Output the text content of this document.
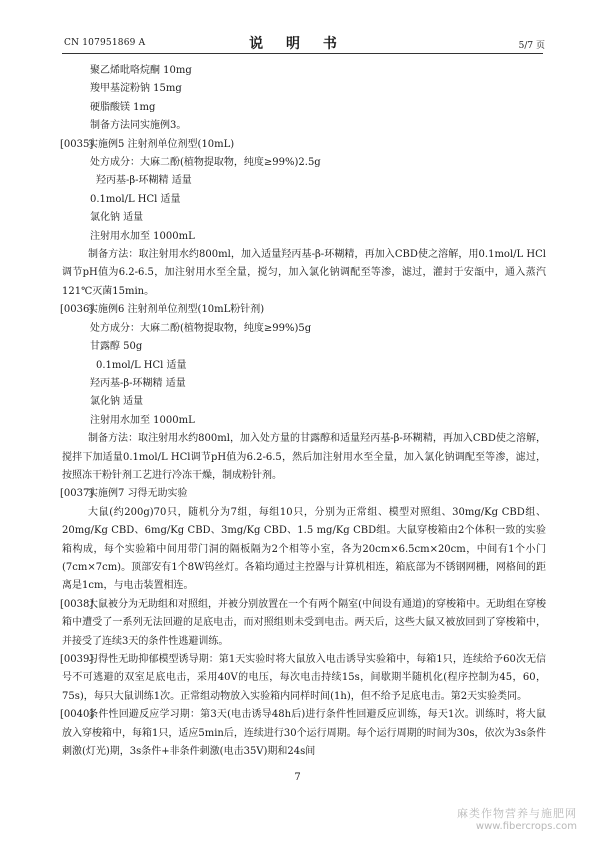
CN 107951869 A	说 明 书	5/7 页
聚乙烯吡咯烷酮 10mg
羧甲基淀粉钠 15mg
硬脂酸镁 1mg
制备方法同实施例3。
[0035]实施例5 注射剂单位剂型(10mL)
处方成分：大麻二酚(植物提取物，纯度≥99%)2.5g
羟丙基-β-环糊精 适量
0.1mol/L HCl 适量
氯化钠 适量
注射用水加至 1000mL
制备方法：取注射用水约800ml，加入适量羟丙基-β-环糊精，再加入CBD使之溶解，用0.1mol/L HCl调节pH值为6.2-6.5，加注射用水至全量，搅匀，加入氯化钠调配至等渗，滤过，灌封于安瓿中，通入蒸汽121℃灭菌15min。
[0036]实施例6 注射剂单位剂型(10mL粉针剂)
处方成分：大麻二酚(植物提取物，纯度≥99%)5g
甘露醇 50g
0.1mol/L HCl 适量
羟丙基-β-环糊精 适量
氯化钠 适量
注射用水加至 1000mL
制备方法：取注射用水约800ml，加入处方量的甘露醇和适量羟丙基-β-环糊精，再加入CBD使之溶解，搅拌下加适量0.1mol/L HCl调节pH值为6.2-6.5，然后加注射用水至全量，加入氯化钠调配至等渗，滤过，按照冻干粉针剂工艺进行冷冻干燥，制成粉针剂。
[0037]实施例7 习得无助实验
大鼠(约200g)70只，随机分为7组，每组10只，分别为正常组、模型对照组、30mg/Kg CBD组、20mg/Kg CBD、6mg/Kg CBD、3mg/Kg CBD、1.5 mg/Kg CBD组。大鼠穿梭箱由2个体积一致的实验箱构成，每个实验箱中间用带门洞的隔板隔为2个相等小室，各为20cm×6.5cm×20cm，中间有1个小门(7cm×7cm)。顶部安有1个8W钨丝灯。各箱均通过主控器与计算机相连，箱底部为不锈钢网栅，网格间的距离是1cm，与电击装置相连。
[0038]大鼠被分为无助组和对照组，并被分别放置在一个有两个隔室(中间设有通道)的穿梭箱中。无助组在穿梭箱中遭受了一系列无法回避的足底电击，而对照组则未受到电击。两天后，这些大鼠又被放回到了穿梭箱中，并接受了连续3天的条件性逃避训练。
[0039]习得性无助抑郁模型诱导期：第1天实验时将大鼠放入电击诱导实验箱中，每箱1只，连续给予60次无信号不可逃避的双室足底电击，采用40V的电压，每次电击持续15s，间歇期半随机化(程序控制为45，60，75s)，每只大鼠训练1次。正常组动物放入实验箱内同样时间(1h)，但不给予足底电击。第2天实验类同。
[0040]条件性回避反应学习期：第3天(电击诱导48h后)进行条件性回避反应训练，每天1次。训练时，将大鼠放入穿梭箱中，每箱1只，适应5min后，连续进行30个运行周期。每个运行周期的时间为30s，依次为3s条件刺激(灯光)期，3s条件+非条件刺激(电击35V)期和24s间
7
麻类作物营养与施肥网
www.fibercrops.com
